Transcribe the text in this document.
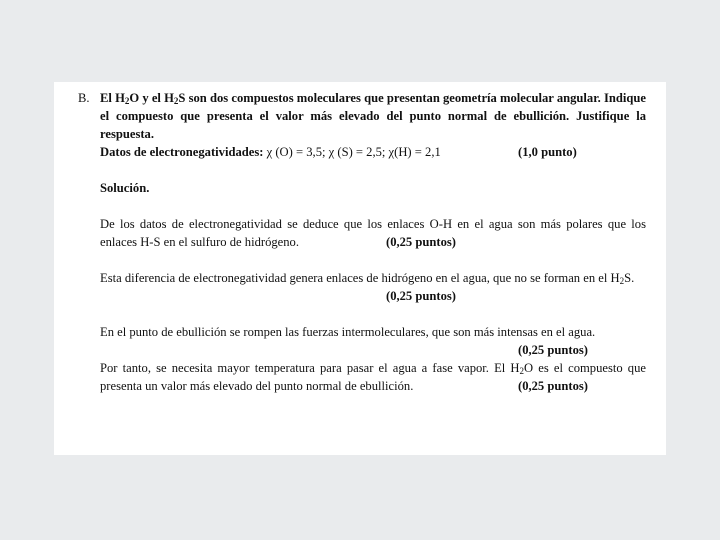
B. El $H_2O$ y el $H_2S$ son dos compuestos moleculares que presentan geometría molecular angular. Indique el compuesto que presenta el valor más elevado del punto normal de ebullición. Justifique la respuesta.

Datos de electronegatividades: χ (O) = 3,5; χ (S) = 2,5; χ(H) = 2,1	(1,0 punto)
Solución.

De los datos de electronegatividad se deduce que los enlaces O-H en el agua son más polares que los enlaces H-S en el sulfuro de hidrógeno.	(0,25 puntos)

Esta diferencia de electronegatividad genera enlaces de hidrógeno en el agua, que no se forman en el $H_2S$.

(0,25 puntos)

En el punto de ebullición se rompen las fuerzas intermoleculares, que son más intensas en el agua.

(0,25 puntos)

Por tanto, se necesita mayor temperatura para pasar el agua a fase vapor. El $H_2O$ es el compuesto que presenta un valor más elevado del punto normal de ebullición.	(0,25 puntos)
